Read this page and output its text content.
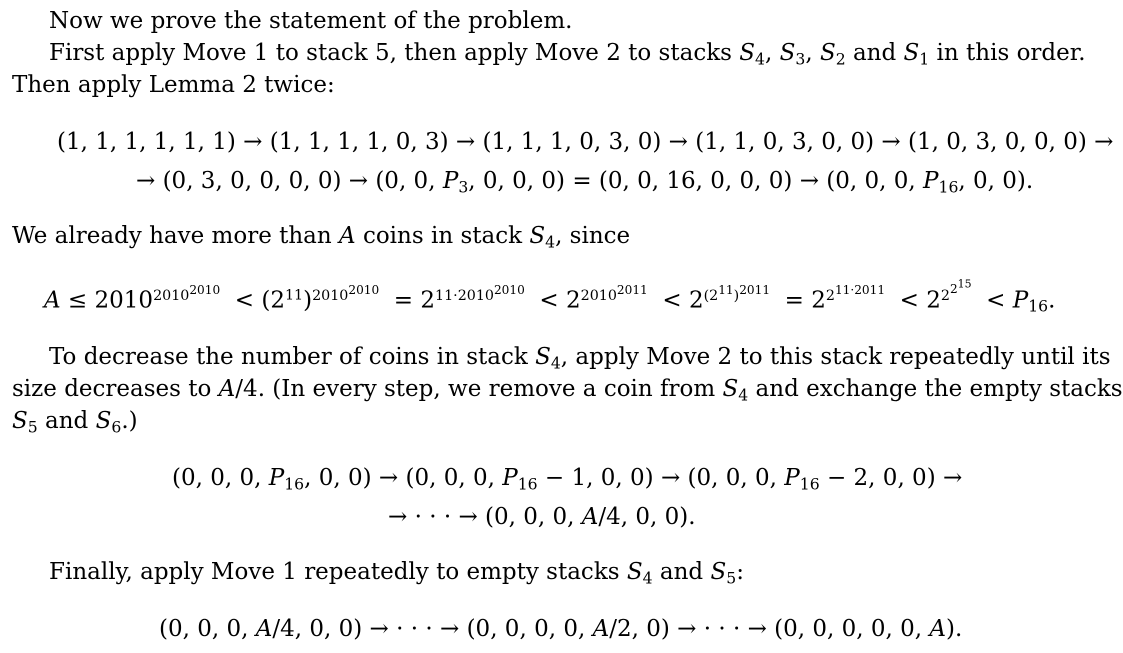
Now we prove the statement of the problem.
First apply Move 1 to stack 5, then apply Move 2 to stacks $S_4$, $S_3$, $S_2$ and $S_1$ in this order.
Then apply Lemma 2 twice:
(1, 1, 1, 1, 1, 1) → (1, 1, 1, 1, 0, 3) → (1, 1, 1, 0, 3, 0) → (1, 1, 0, 3, 0, 0) → (1, 0, 3, 0, 0, 0) →
→ (0, 3, 0, 0, 0, 0) → (0, 0, $P_3$, 0, 0, 0) = (0, 0, 16, 0, 0, 0) → (0, 0, 0, $P_{16}$, 0, 0).
We already have more than A coins in stack $S_4$, since
$A \le 2010^{2010^{2010}} < (2^{11})^{2010^{2010}} = 2^{11\cdot 2010^{2010}} < 2^{2010^{2011}} < 2^{(2^{11})^{2011}} = 2^{2^{11\cdot 2011}} < 2^{2^{2^{15}}} < P_{16}$.
To decrease the number of coins in stack $S_4$, apply Move 2 to this stack repeatedly until its
size decreases to A/4. (In every step, we remove a coin from $S_4$ and exchange the empty stacks
$S_5$ and $S_6$.)
(0, 0, 0, $P_{16}$, 0, 0) → (0, 0, 0, $P_{16} - 1$, 0, 0) → (0, 0, 0, $P_{16} - 2$, 0, 0) →
→ · · · → (0, 0, 0, A/4, 0, 0).
Finally, apply Move 1 repeatedly to empty stacks $S_4$ and $S_5$:
(0, 0, 0, A/4, 0, 0) → · · · → (0, 0, 0, 0, A/2, 0) → · · · → (0, 0, 0, 0, 0, A).
